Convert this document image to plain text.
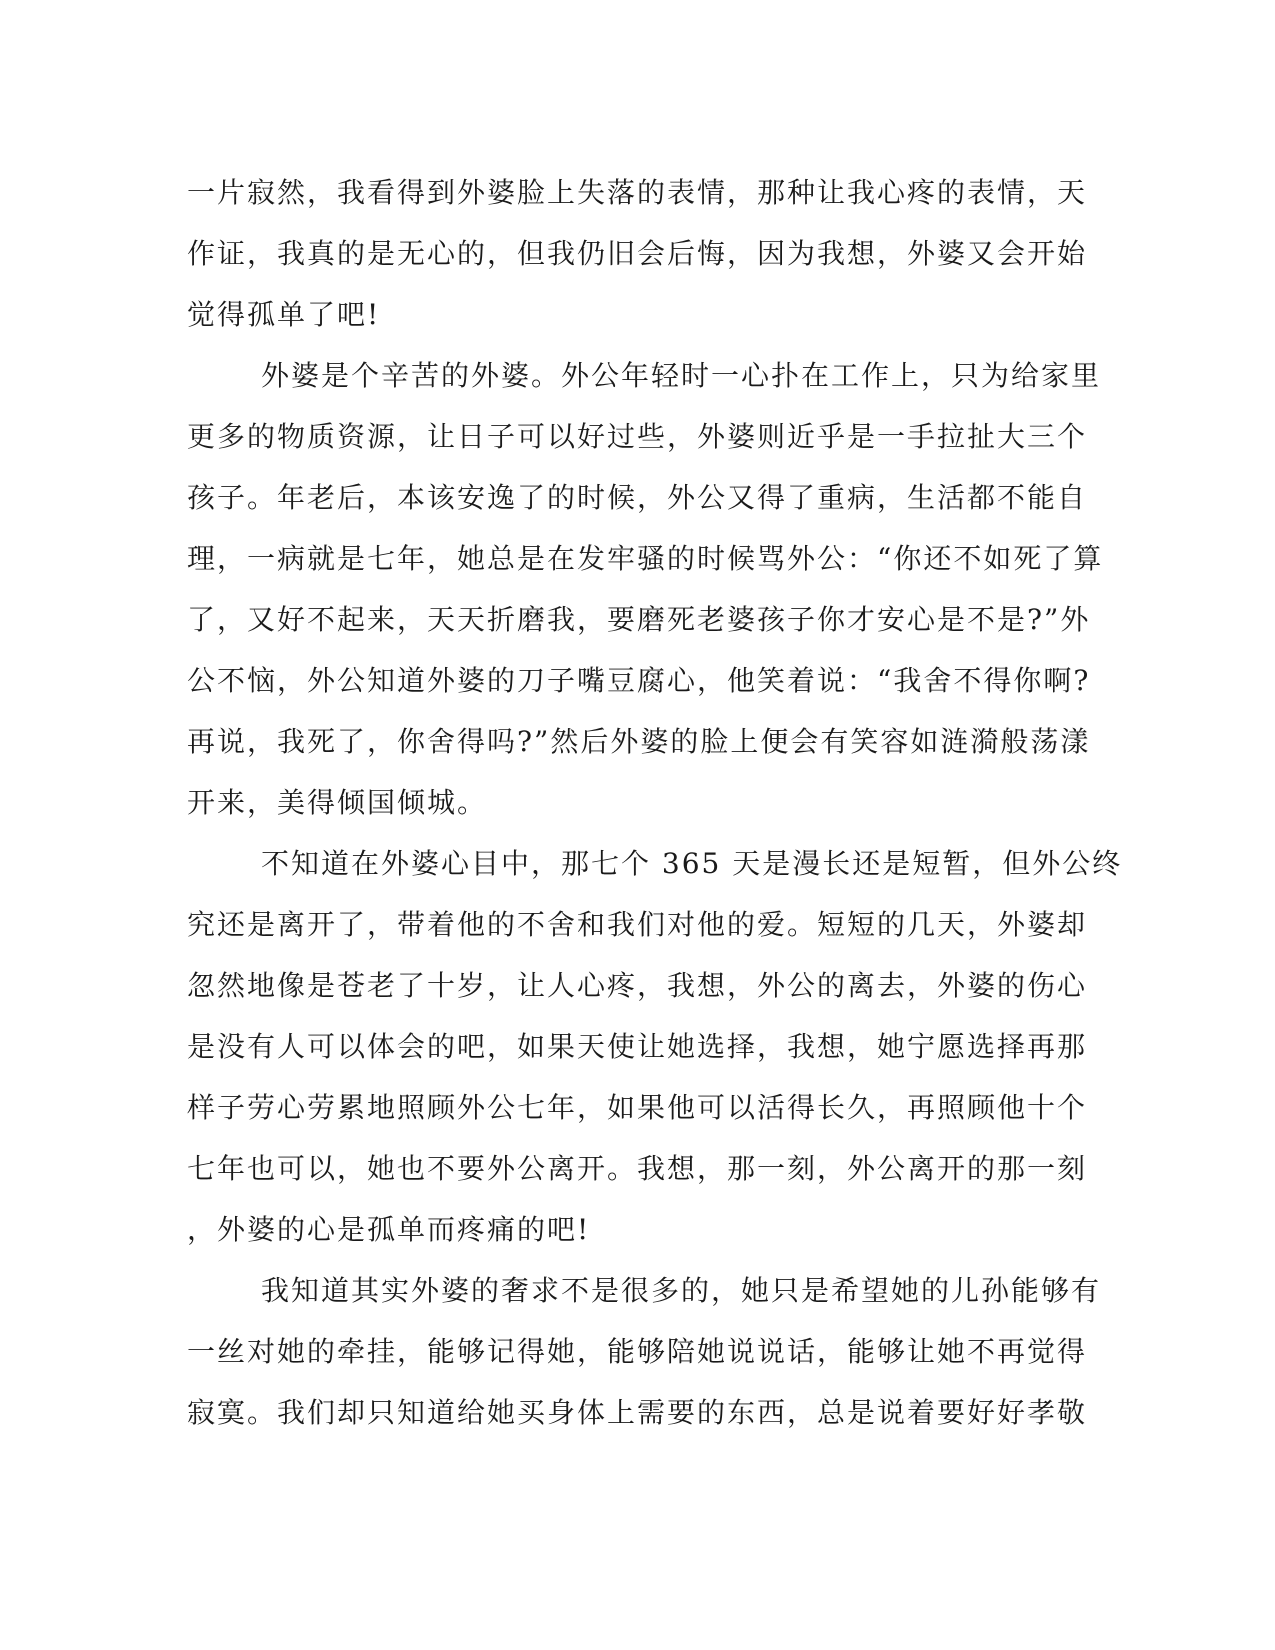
一片寂然，我看得到外婆脸上失落的表情，那种让我心疼的表情，天
作证，我真的是无心的，但我仍旧会后悔，因为我想，外婆又会开始
觉得孤单了吧!
外婆是个辛苦的外婆。外公年轻时一心扑在工作上，只为给家里
更多的物质资源，让日子可以好过些，外婆则近乎是一手拉扯大三个
孩子。年老后，本该安逸了的时候，外公又得了重病，生活都不能自
理，一病就是七年，她总是在发牢骚的时候骂外公：“你还不如死了算
了，又好不起来，天天折磨我，要磨死老婆孩子你才安心是不是?”外
公不恼，外公知道外婆的刀子嘴豆腐心，他笑着说：“我舍不得你啊?
再说，我死了，你舍得吗?”然后外婆的脸上便会有笑容如涟漪般荡漾
开来，美得倾国倾城。
不知道在外婆心目中，那七个 365 天是漫长还是短暂，但外公终
究还是离开了，带着他的不舍和我们对他的爱。短短的几天，外婆却
忽然地像是苍老了十岁，让人心疼，我想，外公的离去，外婆的伤心
是没有人可以体会的吧，如果天使让她选择，我想，她宁愿选择再那
样子劳心劳累地照顾外公七年，如果他可以活得长久，再照顾他十个
七年也可以，她也不要外公离开。我想，那一刻，外公离开的那一刻
，外婆的心是孤单而疼痛的吧!
我知道其实外婆的奢求不是很多的，她只是希望她的儿孙能够有
一丝对她的牵挂，能够记得她，能够陪她说说话，能够让她不再觉得
寂寞。我们却只知道给她买身体上需要的东西，总是说着要好好孝敬
